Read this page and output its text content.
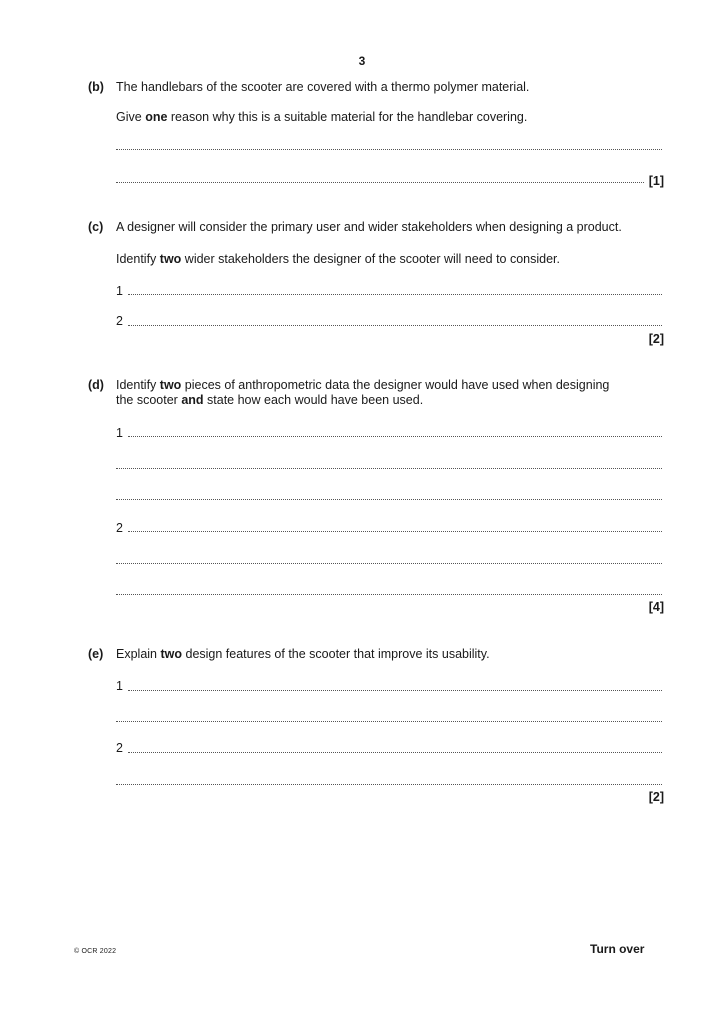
3
(b) The handlebars of the scooter are covered with a thermo polymer material.
Give one reason why this is a suitable material for the handlebar covering.
[1]
(c) A designer will consider the primary user and wider stakeholders when designing a product.
Identify two wider stakeholders the designer of the scooter will need to consider.
1
2
[2]
(d) Identify two pieces of anthropometric data the designer would have used when designing
the scooter and state how each would have been used.
1
2
[4]
(e) Explain two design features of the scooter that improve its usability.
1
2
[2]
© OCR 2022	Turn over
